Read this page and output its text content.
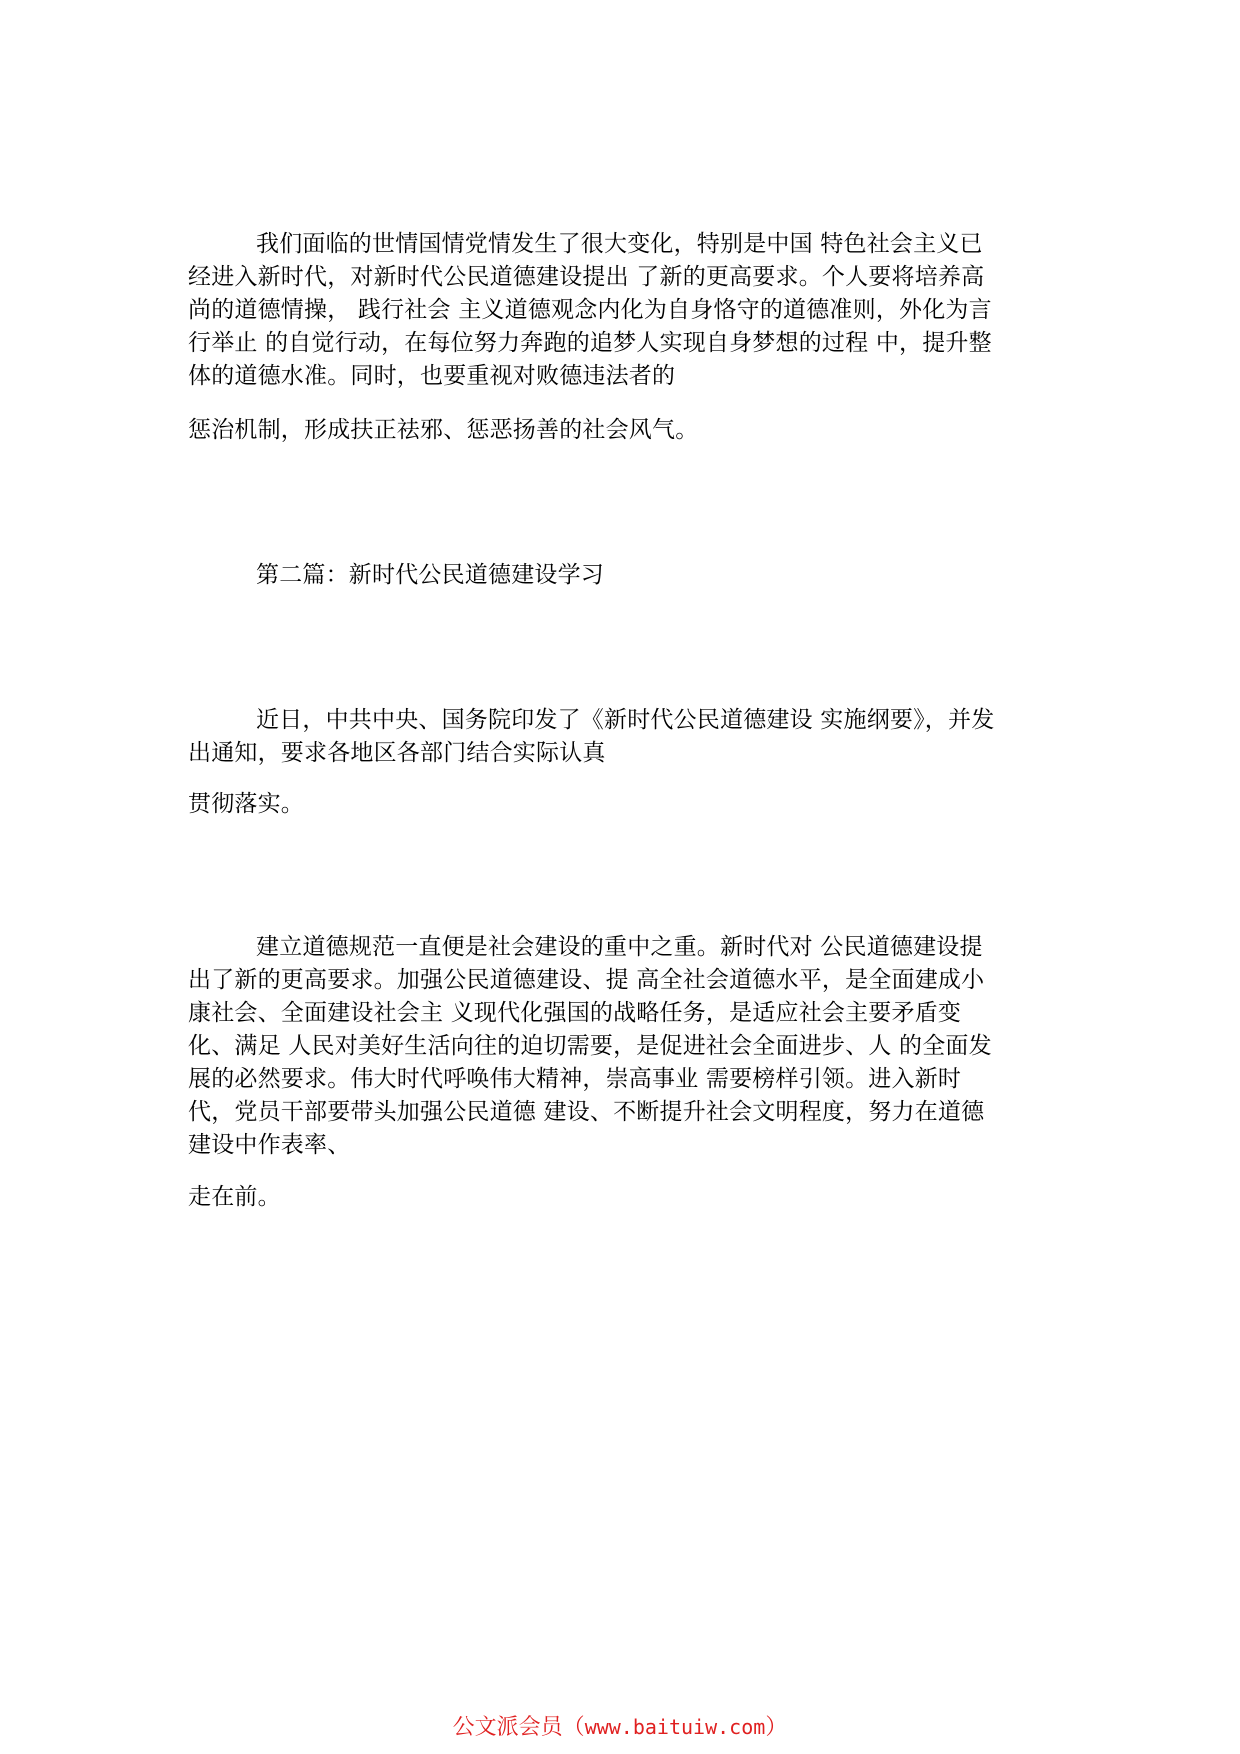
我们面临的世情国情党情发生了很大变化，特别是中国 特色社会主义已
经进入新时代，对新时代公民道德建设提出 了新的更高要求。个人要将培养高
尚的道德情操， 践行社会 主义道德观念内化为自身恪守的道德准则，外化为言
行举止 的自觉行动，在每位努力奔跑的追梦人实现自身梦想的过程 中，提升整
体的道德水准。同时，也要重视对败德违法者的
惩治机制，形成扶正祛邪、惩恶扬善的社会风气。
第二篇：新时代公民道德建设学习
近日，中共中央、国务院印发了《新时代公民道德建设 实施纲要》，并发
出通知，要求各地区各部门结合实际认真
贯彻落实。
建立道德规范一直便是社会建设的重中之重。新时代对 公民道德建设提
出了新的更高要求。加强公民道德建设、提 高全社会道德水平，是全面建成小
康社会、全面建设社会主 义现代化强国的战略任务，是适应社会主要矛盾变
化、满足 人民对美好生活向往的迫切需要，是促进社会全面进步、人 的全面发
展的必然要求。伟大时代呼唤伟大精神，崇高事业 需要榜样引领。进入新时
代，党员干部要带头加强公民道德 建设、不断提升社会文明程度，努力在道德
建设中作表率、
走在前。
公文派会员（www.baituiw.com）
